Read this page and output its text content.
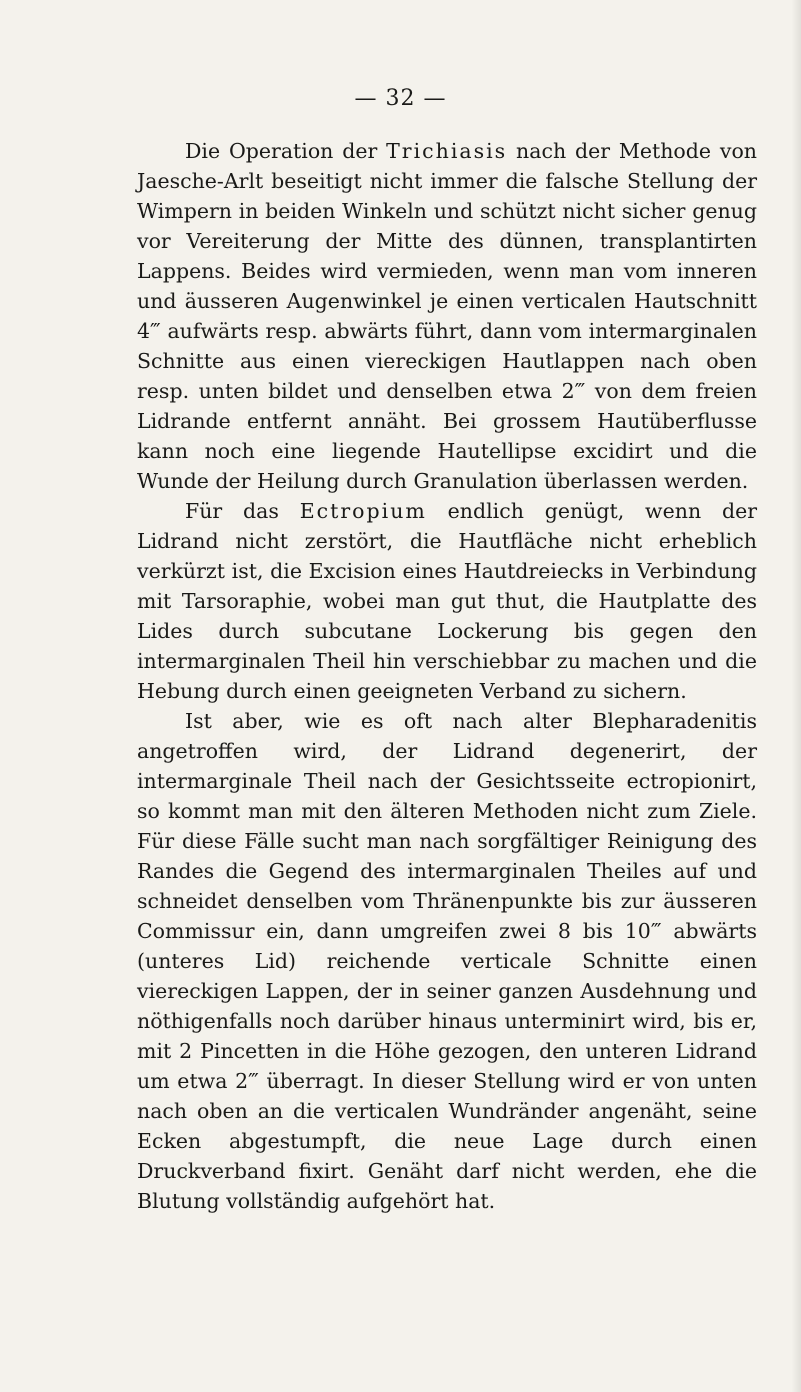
— 32 —

Die Operation der Trichiasis nach der Methode von Jaesche-Arlt beseitigt nicht immer die falsche Stellung der Wimpern in beiden Winkeln und schützt nicht sicher genug vor Vereiterung der Mitte des dünnen, transplantirten Lappens. Beides wird vermieden, wenn man vom inneren und äusseren Augenwinkel je einen verticalen Hautschnitt 4‴ aufwärts resp. abwärts führt, dann vom intermarginalen Schnitte aus einen viereckigen Hautlappen nach oben resp. unten bildet und denselben etwa 2‴ von dem freien Lidrande entfernt annäht. Bei grossem Hautüberflusse kann noch eine liegende Hautellipse excidirt und die Wunde der Heilung durch Granulation überlassen werden.

Für das Ectropium endlich genügt, wenn der Lidrand nicht zerstört, die Hautfläche nicht erheblich verkürzt ist, die Excision eines Hautdreiecks in Verbindung mit Tarsoraphie, wobei man gut thut, die Hautplatte des Lides durch subcutane Lockerung bis gegen den intermarginalen Theil hin verschiebbar zu machen und die Hebung durch einen geeigneten Verband zu sichern.

Ist aber, wie es oft nach alter Blepharadenitis angetroffen wird, der Lidrand degenerirt, der intermarginale Theil nach der Gesichtsseite ectropionirt, so kommt man mit den älteren Methoden nicht zum Ziele. Für diese Fälle sucht man nach sorgfältiger Reinigung des Randes die Gegend des intermarginalen Theiles auf und schneidet denselben vom Thränenpunkte bis zur äusseren Commissur ein, dann umgreifen zwei 8 bis 10‴ abwärts (unteres Lid) reichende verticale Schnitte einen viereckigen Lappen, der in seiner ganzen Ausdehnung und nöthigenfalls noch darüber hinaus unterminirt wird, bis er, mit 2 Pincetten in die Höhe gezogen, den unteren Lidrand um etwa 2‴ überragt. In dieser Stellung wird er von unten nach oben an die verticalen Wundränder angenäht, seine Ecken abgestumpft, die neue Lage durch einen Druckverband fixirt. Genäht darf nicht werden, ehe die Blutung vollständig aufgehört hat.
